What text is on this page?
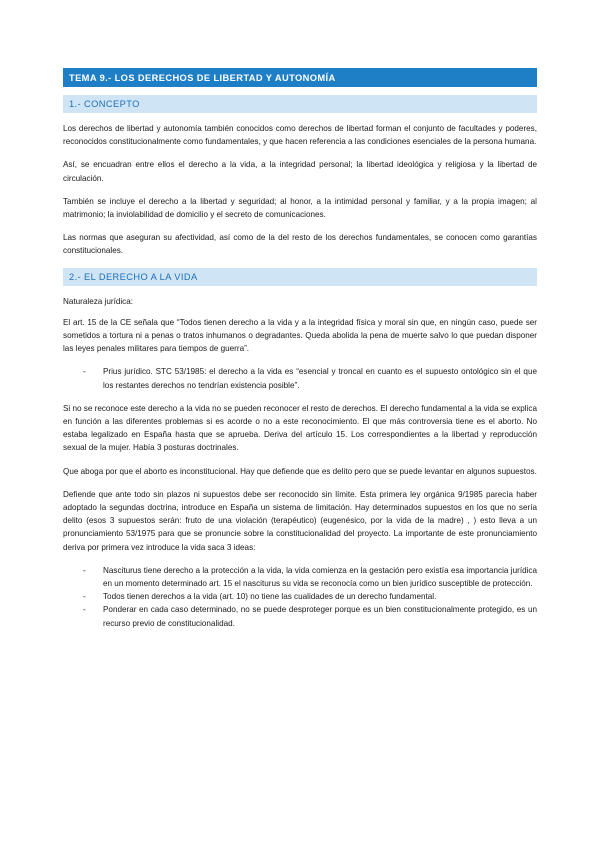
TEMA 9.- LOS DERECHOS DE LIBERTAD Y AUTONOMÍA
1.- CONCEPTO

Los derechos de libertad y autonomía también conocidos como derechos de libertad forman el conjunto de facultades y poderes, reconocidos constitucionalmente como fundamentales, y que hacen referencia a las condiciones esenciales de la persona humana.

Así, se encuadran entre ellos el derecho a la vida, a la integridad personal; la libertad ideológica y religiosa y la libertad de circulación.

También se incluye el derecho a la libertad y seguridad; al honor, a la intimidad personal y familiar, y a la propia imagen; al matrimonio; la inviolabilidad de domicilio y el secreto de comunicaciones.

Las normas que aseguran su afectividad, así como de la del resto de los derechos fundamentales, se conocen como garantías constitucionales.

2.- EL DERECHO A LA VIDA

Naturaleza jurídica:

El art. 15 de la CE señala que “Todos tienen derecho a la vida y a la integridad física y moral sin que, en ningún caso, puede ser sometidos a tortura ni a penas o tratos inhumanos o degradantes. Queda abolida la pena de muerte salvo lo que puedan disponer las leyes penales militares para tiempos de guerra”.

- Prius jurídico. STC 53/1985: el derecho a la vida es “esencial y troncal en cuanto es el supuesto ontológico sin el que los restantes derechos no tendrían existencia posible”.

Si no se reconoce este derecho a la vida no se pueden reconocer el resto de derechos. El derecho fundamental a la vida se explica en función a las diferentes problemas si es acorde o no a este reconocimiento. El que más controversia tiene es el aborto. No estaba legalizado en España hasta que se aprueba. Deriva del artículo 15. Los correspondientes a la libertad y reproducción sexual de la mujer. Había 3 posturas doctrinales.

Que aboga por que el aborto es inconstitucional. Hay que defiende que es delito pero que se puede levantar en algunos supuestos.

Defiende que ante todo sin plazos ni supuestos debe ser reconocido sin límite. Esta primera ley orgánica 9/1985 parecía haber adoptado la segundas doctrina, introduce en España un sistema de limitación. Hay determinados supuestos en los que no sería delito (esos 3 supuestos serán: fruto de una violación (terapéutico) (eugenésico, por la vida de la madre) , ) esto lleva a un pronunciamiento 53/1975 para que se pronuncie sobre la constitucionalidad del proyecto. La importante de este pronunciamiento deriva por primera vez introduce la vida saca 3 ideas:

- Nasciturus tiene derecho a la protección a la vida, la vida comienza en la gestación pero existía esa importancia jurídica en un momento determinado art. 15 el nasciturus su vida se reconocía como un bien jurídico susceptible de protección.
- Todos tienen derechos a la vida (art. 10) no tiene las cualidades de un derecho fundamental.
- Ponderar en cada caso determinado, no se puede desproteger porque es un bien constitucionalmente protegido, es un recurso previo de constitucionalidad.
